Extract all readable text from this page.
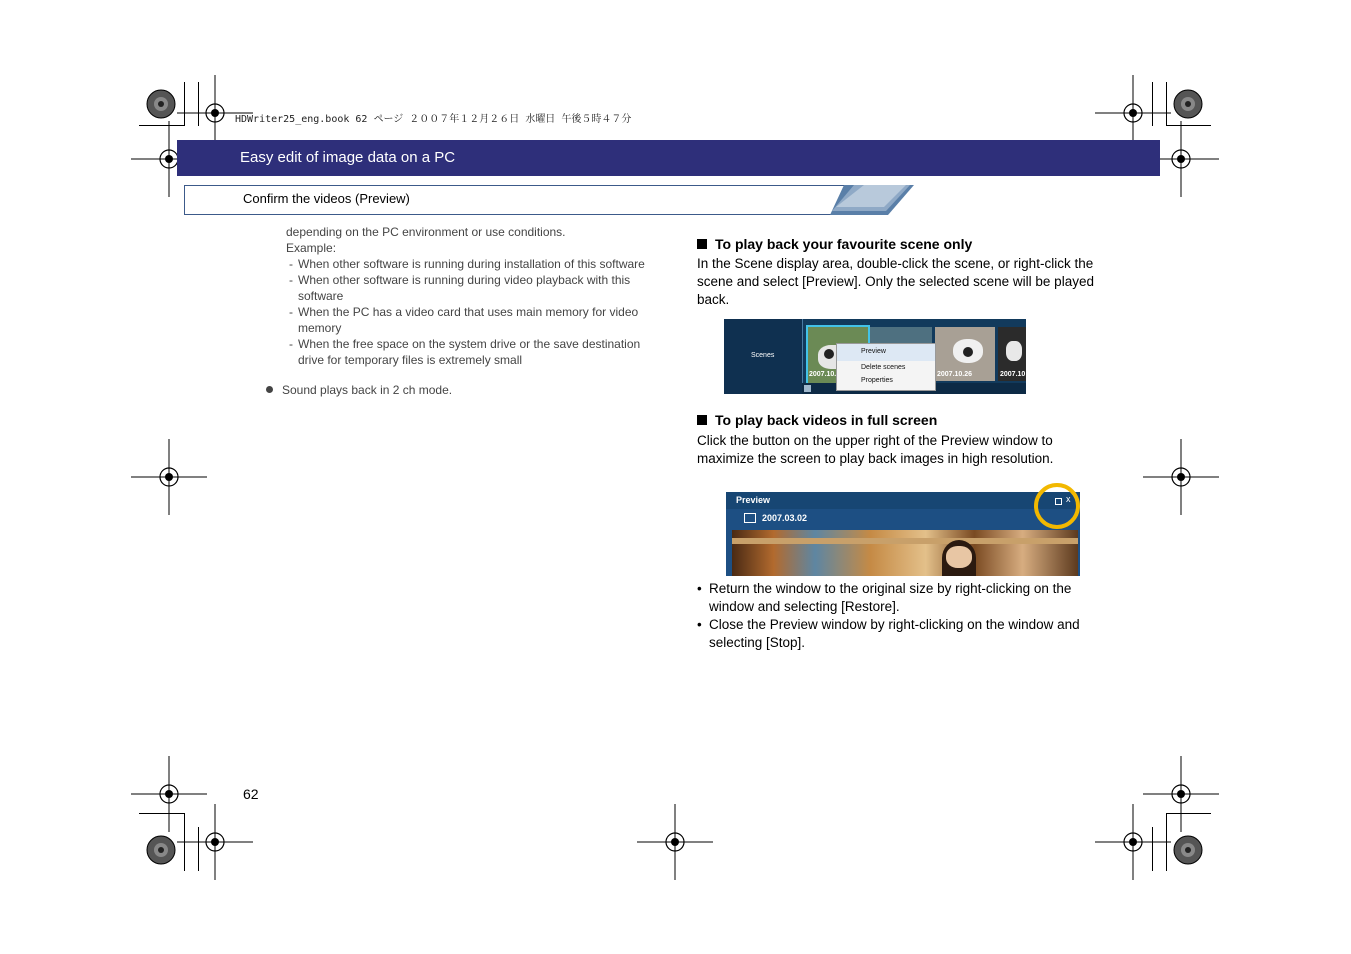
HDWriter25_eng.book 62 ページ ２００７年１２月２６日 水曜日 午後５時４７分
Easy edit of image data on a PC
Confirm the videos (Preview)
depending on the PC environment or use conditions.
Example:
- When other software is running during installation of this software
- When other software is running during video playback with this software
- When the PC has a video card that uses main memory for video memory
- When the free space on the system drive or the save destination drive for temporary files is extremely small
Sound plays back in 2 ch mode.
To play back your favourite scene only
In the Scene display area, double-click the scene, or right-click the scene and select [Preview]. Only the selected scene will be played back.
Scenes
2007.10.	2007.10.26	2007.10
Preview
Delete scenes
Properties
To play back videos in full screen
Click the button on the upper right of the Preview window to maximize the screen to play back images in high resolution.
Preview	x
2007.03.02
• Return the window to the original size by right-clicking on the window and selecting [Restore].
• Close the Preview window by right-clicking on the window and selecting [Stop].
62
